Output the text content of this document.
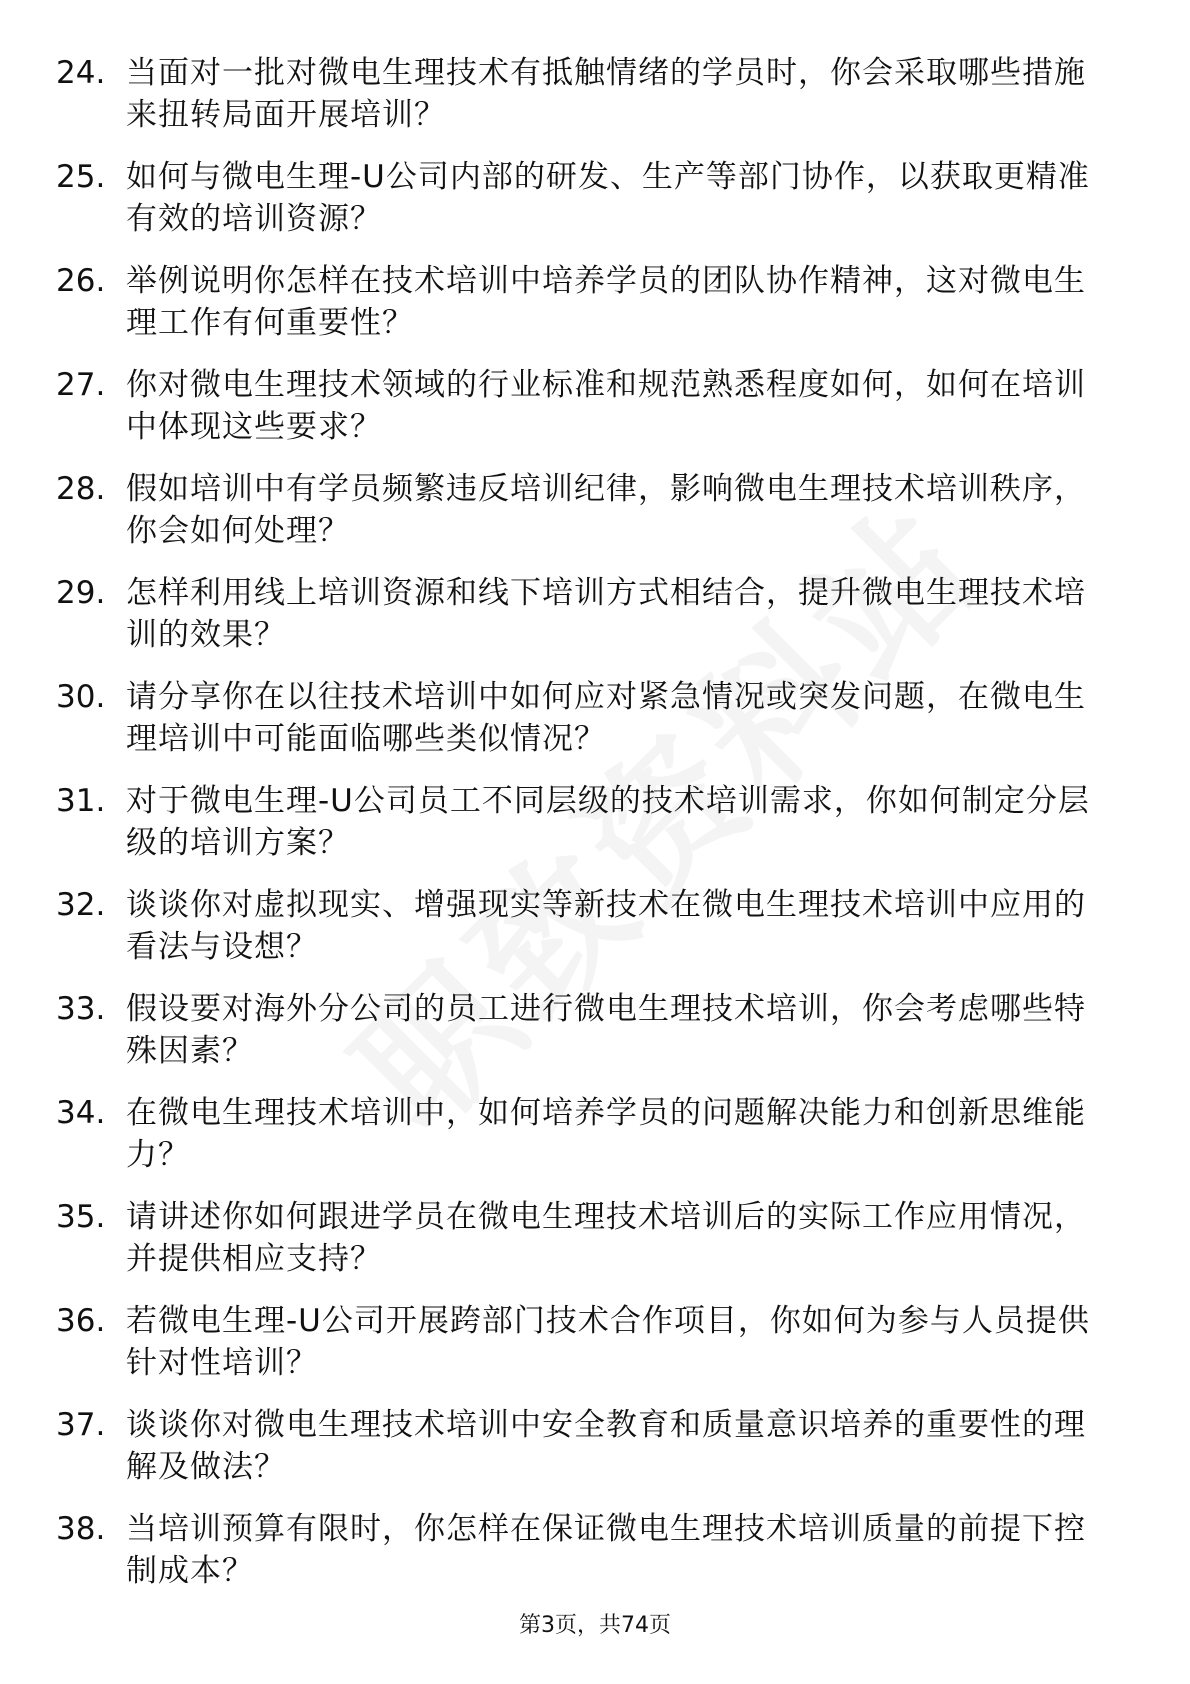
24. 当面对一批对微电生理技术有抵触情绪的学员时，你会采取哪些措施来扭转局面开展培训？
25. 如何与微电生理-U公司内部的研发、生产等部门协作，以获取更精准有效的培训资源？
26. 举例说明你怎样在技术培训中培养学员的团队协作精神，这对微电生理工作有何重要性？
27. 你对微电生理技术领域的行业标准和规范熟悉程度如何，如何在培训中体现这些要求？
28. 假如培训中有学员频繁违反培训纪律，影响微电生理技术培训秩序，你会如何处理？
29. 怎样利用线上培训资源和线下培训方式相结合，提升微电生理技术培训的效果？
30. 请分享你在以往技术培训中如何应对紧急情况或突发问题，在微电生理培训中可能面临哪些类似情况？
31. 对于微电生理-U公司员工不同层级的技术培训需求，你如何制定分层级的培训方案？
32. 谈谈你对虚拟现实、增强现实等新技术在微电生理技术培训中应用的看法与设想？
33. 假设要对海外分公司的员工进行微电生理技术培训，你会考虑哪些特殊因素？
34. 在微电生理技术培训中，如何培养学员的问题解决能力和创新思维能力？
35. 请讲述你如何跟进学员在微电生理技术培训后的实际工作应用情况，并提供相应支持？
36. 若微电生理-U公司开展跨部门技术合作项目，你如何为参与人员提供针对性培训？
37. 谈谈你对微电生理技术培训中安全教育和质量意识培养的重要性的理解及做法？
38. 当培训预算有限时，你怎样在保证微电生理技术培训质量的前提下控制成本？
第3页，共74页
